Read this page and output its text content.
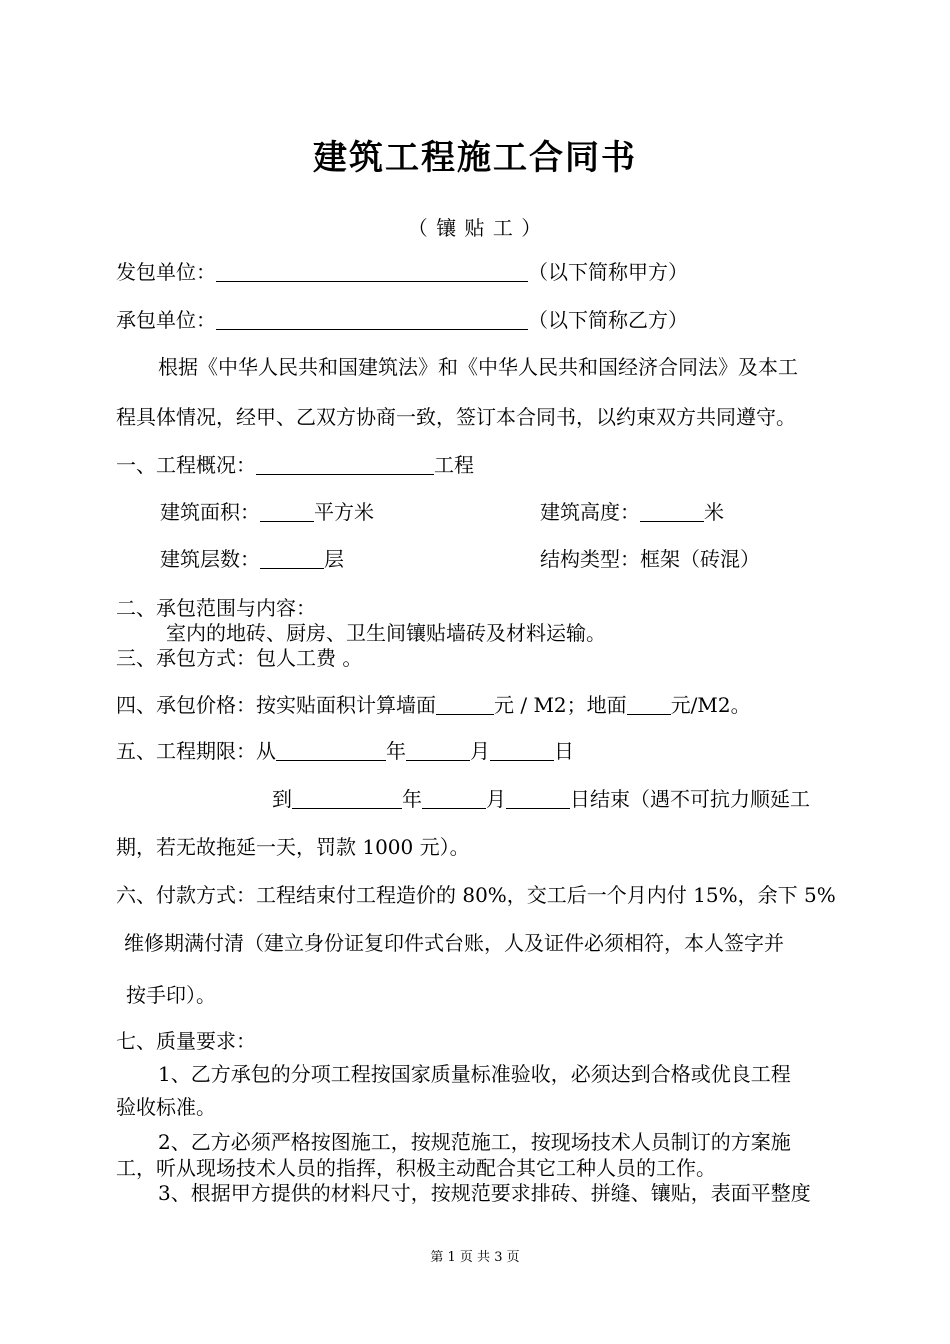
建筑工程施工合同书
（ 镶 贴 工 ）
发包单位：	（以下简称甲方）
承包单位：	（以下简称乙方）
根据《中华人民共和国建筑法》和《中华人民共和国经济合同法》及本工
程具体情况，经甲、乙双方协商一致，签订本合同书，以约束双方共同遵守。
一、工程概况：	工程
建筑面积：	平方米	建筑高度：	米
建筑层数：	层	结构类型：框架（砖混）
二、承包范围与内容：
室内的地砖、厨房、卫生间镶贴墙砖及材料运输。
三、承包方式：包人工费 。
四、承包价格：按实贴面积计算墙面	元 / M2；地面 元/M2。
五、工程期限：从	年	月	日
到	年	月	日结束（遇不可抗力顺延工
期，若无故拖延一天，罚款 1000 元）。
六、付款方式：工程结束付工程造价的 80%，交工后一个月内付 15%，余下 5%
维修期满付清（建立身份证复印件式台账，人及证件必须相符，本人签字并
按手印）。
七、质量要求：
1、乙方承包的分项工程按国家质量标准验收，必须达到合格或优良工程
验收标准。
2、乙方必须严格按图施工，按规范施工，按现场技术人员制订的方案施
工，听从现场技术人员的指挥，积极主动配合其它工种人员的工作。
3、根据甲方提供的材料尺寸，按规范要求排砖、拼缝、镶贴，表面平整度
第 1 页 共 3 页
